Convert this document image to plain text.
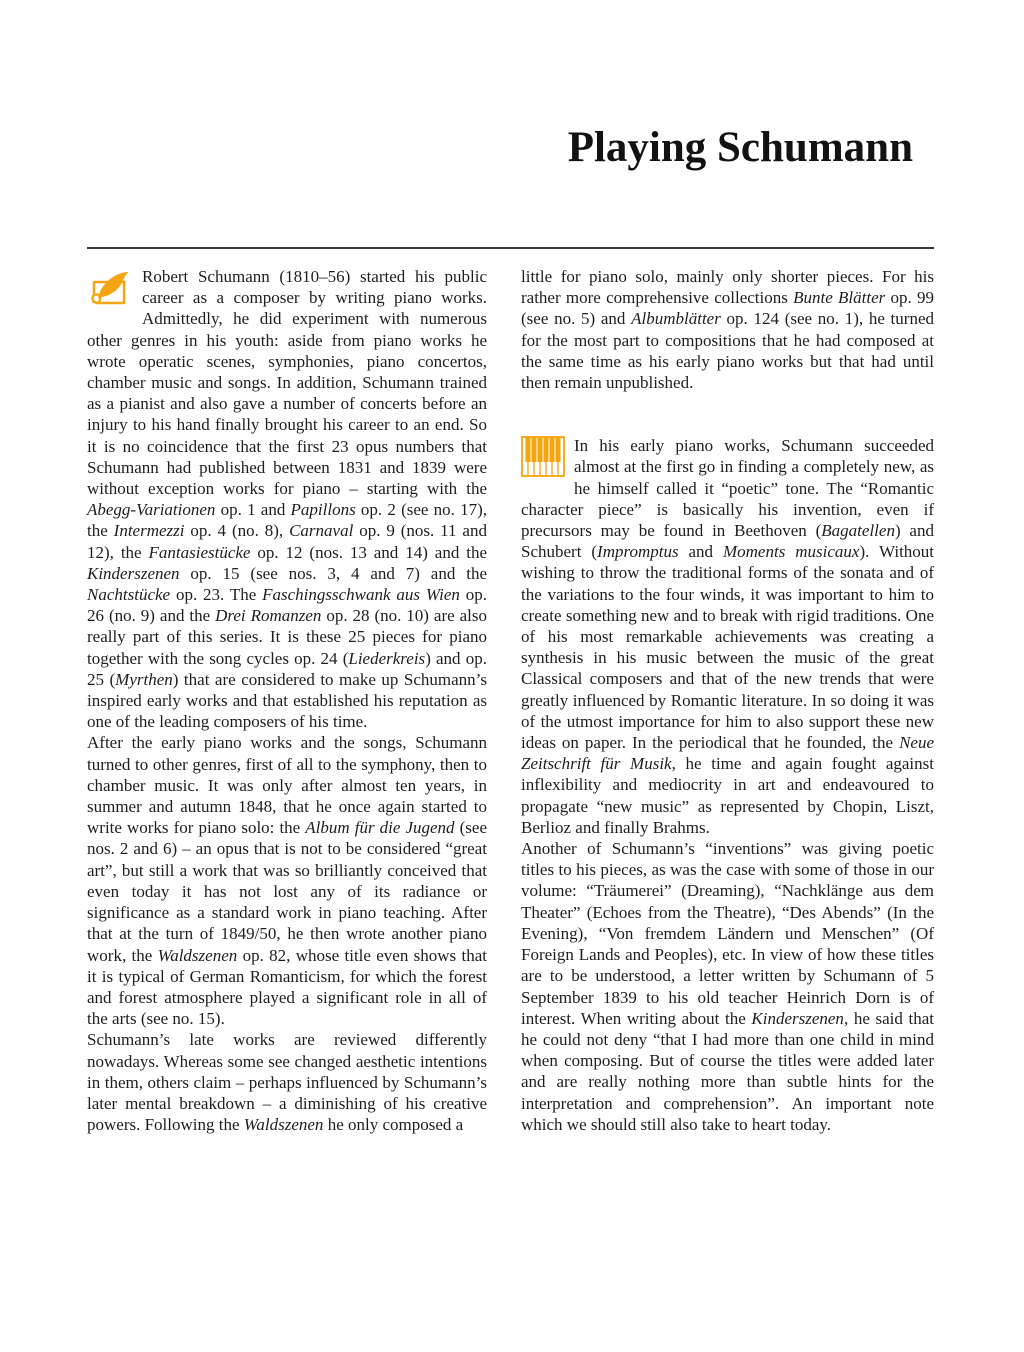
Playing Schumann

Robert Schumann (1810–56) started his public career as a composer by writing piano works. Admittedly, he did experiment with numerous other genres in his youth: aside from piano works he wrote operatic scenes, symphonies, piano concertos, chamber music and songs. In addition, Schumann trained as a pianist and also gave a number of concerts before an injury to his hand finally brought his career to an end. So it is no coincidence that the first 23 opus numbers that Schumann had published between 1831 and 1839 were without exception works for piano – starting with the Abegg-Variationen op. 1 and Papillons op. 2 (see no. 17), the Intermezzi op. 4 (no. 8), Carnaval op. 9 (nos. 11 and 12), the Fantasiestücke op. 12 (nos. 13 and 14) and the Kinderszenen op. 15 (see nos. 3, 4 and 7) and the Nachtstücke op. 23. The Faschingsschwank aus Wien op. 26 (no. 9) and the Drei Romanzen op. 28 (no. 10) are also really part of this series. It is these 25 pieces for piano together with the song cycles op. 24 (Liederkreis) and op. 25 (Myrthen) that are considered to make up Schumann’s inspired early works and that established his reputation as one of the leading composers of his time.

After the early piano works and the songs, Schumann turned to other genres, first of all to the symphony, then to chamber music. It was only after almost ten years, in summer and autumn 1848, that he once again started to write works for piano solo: the Album für die Jugend (see nos. 2 and 6) – an opus that is not to be considered “great art”, but still a work that was so brilliantly conceived that even today it has not lost any of its radiance or significance as a standard work in piano teaching. After that at the turn of 1849/50, he then wrote another piano work, the Waldszenen op. 82, whose title even shows that it is typical of German Romanticism, for which the forest and forest atmosphere played a significant role in all of the arts (see no. 15).

Schumann’s late works are reviewed differently nowadays. Whereas some see changed aesthetic intentions in them, others claim – perhaps influenced by Schumann’s later mental breakdown – a diminishing of his creative powers. Following the Waldszenen he only composed a

little for piano solo, mainly only shorter pieces. For his rather more comprehensive collections Bunte Blätter op. 99 (see no. 5) and Albumblätter op. 124 (see no. 1), he turned for the most part to compositions that he had composed at the same time as his early piano works but that had until then remain unpublished.

In his early piano works, Schumann succeeded almost at the first go in finding a completely new, as he himself called it “poetic” tone. The “Romantic character piece” is basically his invention, even if precursors may be found in Beethoven (Bagatellen) and Schubert (Impromptus and Moments musicaux). Without wishing to throw the traditional forms of the sonata and of the variations to the four winds, it was important to him to create something new and to break with rigid traditions. One of his most remarkable achievements was creating a synthesis in his music between the music of the great Classical composers and that of the new trends that were greatly influenced by Romantic literature. In so doing it was of the utmost importance for him to also support these new ideas on paper. In the periodical that he founded, the Neue Zeitschrift für Musik, he time and again fought against inflexibility and mediocrity in art and endeavoured to propagate “new music” as represented by Chopin, Liszt, Berlioz and finally Brahms.

Another of Schumann’s “inventions” was giving poetic titles to his pieces, as was the case with some of those in our volume: “Träumerei” (Dreaming), “Nachklänge aus dem Theater” (Echoes from the Theatre), “Des Abends” (In the Evening), “Von fremdem Ländern und Menschen” (Of Foreign Lands and Peoples), etc. In view of how these titles are to be understood, a letter written by Schumann of 5 September 1839 to his old teacher Heinrich Dorn is of interest. When writing about the Kinderszenen, he said that he could not deny “that I had more than one child in mind when composing. But of course the titles were added later and are really nothing more than subtle hints for the interpretation and comprehension”. An important note which we should still also take to heart today.
